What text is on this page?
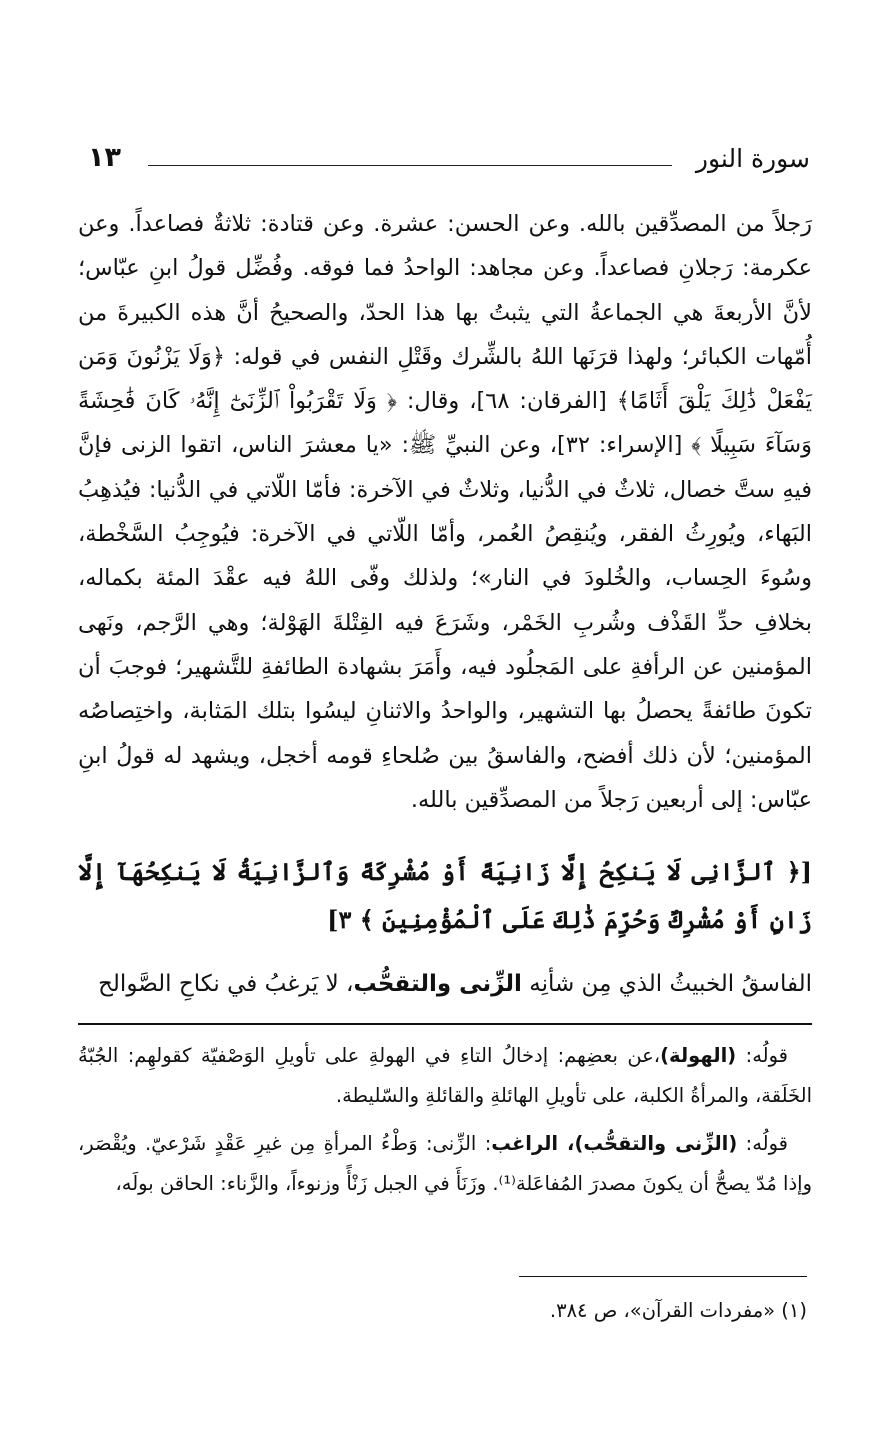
سورة النور
١٣

رَجلاً من المصدِّقين بالله. وعن الحسن: عشرة. وعن قتادة: ثلاثةٌ فصاعداً. وعن عكرمة: رَجلانِ فصاعداً. وعن مجاهد: الواحدُ فما فوقه. وفُضِّل قولُ ابنِ عبّاس؛ لأنَّ الأربعةَ هي الجماعةُ التي يثبتُ بها هذا الحدّ، والصحيحُ أنَّ هذه الكبيرةَ من أُمّهات الكبائر؛ ولهذا قرَنَها اللهُ بالشِّرك وقَتْلِ النفس في قوله: ﴿وَلَا يَزْنُونَ وَمَن يَفْعَلْ ذَٰلِكَ يَلْقَ أَثَامًا﴾ [الفرقان: ٦٨]، وقال: ﴿ وَلَا تَقْرَبُواْ ٱلزِّنَىٰٓ إِنَّهُۥ كَانَ فَٰحِشَةً وَسَآءَ سَبِيلًا ﴾ [الإسراء: ٣٢]، وعن النبيِّ ﷺ: «يا معشرَ الناس، اتقوا الزنى فإنَّ فيهِ ستَّ خصال، ثلاثٌ في الدُّنيا، وثلاثٌ في الآخرة: فأمّا اللّاتي في الدُّنيا: فيُذهِبُ البَهاء، ويُورِثُ الفقر، ويُنقِصُ العُمر، وأمّا اللّاتي في الآخرة: فيُوجِبُ السَّخْطة، وسُوءَ الحِساب، والخُلودَ في النار»؛ ولذلك وفّى اللهُ فيه عقْدَ المئة بكماله، بخلافِ حدِّ القَذْف وشُربِ الخَمْر، وشَرَعَ فيه القِتْلةَ الهَوْلة؛ وهي الرَّجم، ونَهى المؤمنين عن الرأفةِ على المَجلُود فيه، وأَمَرَ بشهادة الطائفةِ للتَّشهير؛ فوجبَ أن تكونَ طائفةً يحصلُ بها التشهير، والواحدُ والاثنانِ ليسُوا بتلك المَثابة، واختِصاصُه المؤمنين؛ لأن ذلك أفضح، والفاسقُ بين صُلحاءِ قومه أخجل، ويشهد له قولُ ابنِ عبّاس: إلى أربعين رَجلاً من المصدِّقين بالله.

[﴿ ٱلزَّانِى لَا يَنكِحُ إِلَّا زَانِيَةً أَوْ مُشْرِكَةً وَٱلزَّانِيَةُ لَا يَنكِحُهَآ إِلَّا زَانٍ أَوْ مُشْرِكٌ وَحُرِّمَ ذَٰلِكَ عَلَى ٱلْمُؤْمِنِينَ ﴾ ٣]

الفاسقُ الخبيثُ الذي مِن شأنِه الزِّنى والتقحُّب، لا يَرغبُ في نكاحِ الصَّوالح

قولُه: (الهولة)،عن بعضِهم: إدخالُ التاءِ في الهولةِ على تأويلِ الوَصْفيّة كقولهِم: الجُبّةُ الخَلَقة، والمرأةُ الكلبة، على تأويلِ الهائلةِ والقائلةِ والسّليطة.

قولُه: (الزِّنى والتقحُّب)، الراغب: الزِّنى: وَطْءُ المرأةِ مِن غيرِ عَقْدٍ شَرْعيّ. ويُقْصَر، وإذا مُدّ يصحُّ أن يكونَ مصدرَ المُفاعَلة⁽¹⁾. وزَنَأَ في الجبل زَنْأً وزنوءاً، والزَّناء: الحاقن بولَه،

(١) «مفردات القرآن»، ص ٣٨٤.
